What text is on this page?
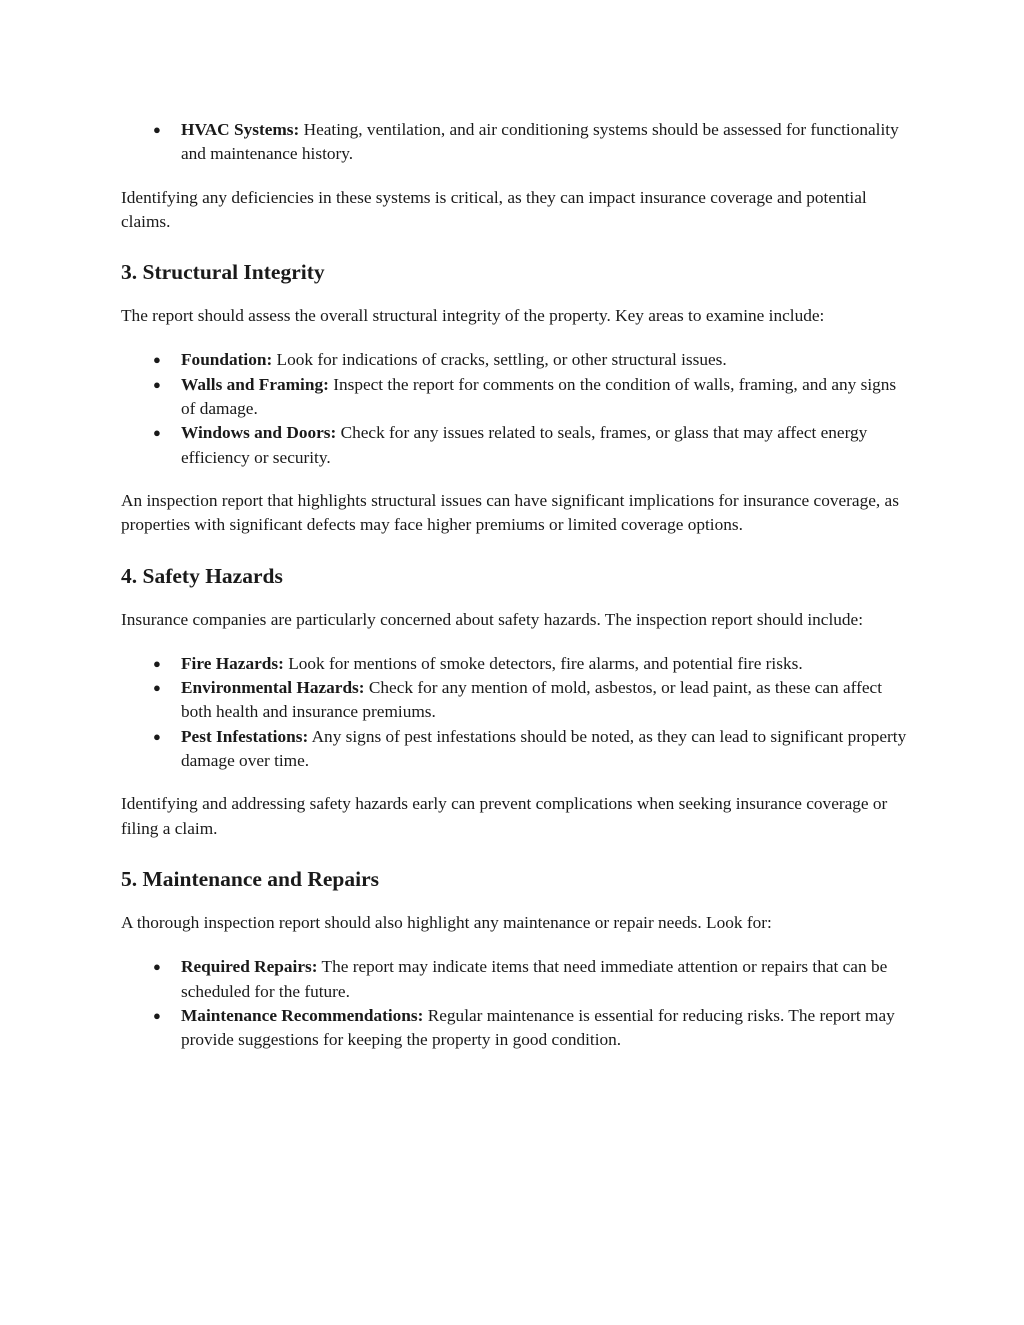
● HVAC Systems: Heating, ventilation, and air conditioning systems should be assessed for functionality and maintenance history.

Identifying any deficiencies in these systems is critical, as they can impact insurance coverage and potential claims.

3. Structural Integrity

The report should assess the overall structural integrity of the property. Key areas to examine include:

● Foundation: Look for indications of cracks, settling, or other structural issues.
● Walls and Framing: Inspect the report for comments on the condition of walls, framing, and any signs of damage.
● Windows and Doors: Check for any issues related to seals, frames, or glass that may affect energy efficiency or security.

An inspection report that highlights structural issues can have significant implications for insurance coverage, as properties with significant defects may face higher premiums or limited coverage options.

4. Safety Hazards

Insurance companies are particularly concerned about safety hazards. The inspection report should include:

● Fire Hazards: Look for mentions of smoke detectors, fire alarms, and potential fire risks.
● Environmental Hazards: Check for any mention of mold, asbestos, or lead paint, as these can affect both health and insurance premiums.
● Pest Infestations: Any signs of pest infestations should be noted, as they can lead to significant property damage over time.

Identifying and addressing safety hazards early can prevent complications when seeking insurance coverage or filing a claim.

5. Maintenance and Repairs

A thorough inspection report should also highlight any maintenance or repair needs. Look for:

● Required Repairs: The report may indicate items that need immediate attention or repairs that can be scheduled for the future.
● Maintenance Recommendations: Regular maintenance is essential for reducing risks. The report may provide suggestions for keeping the property in good condition.
